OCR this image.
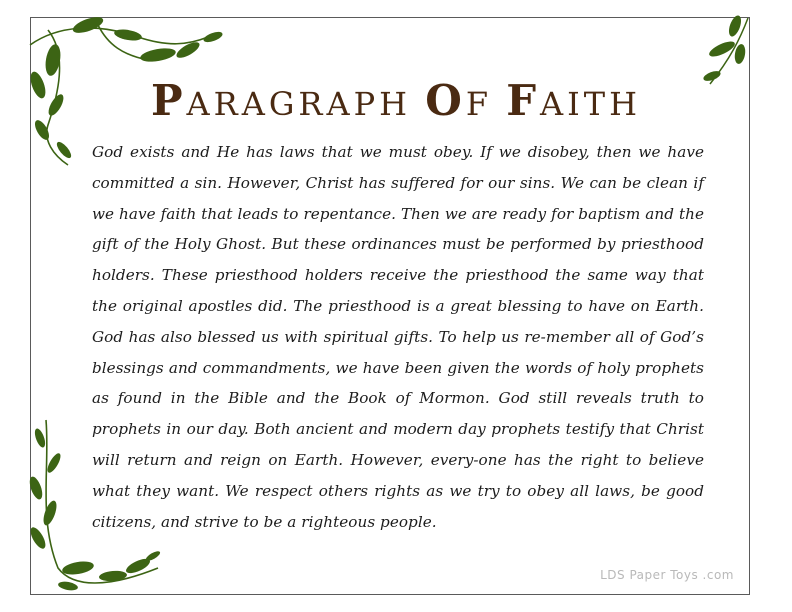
PARAGRAPH OF FAITH
God exists and He has laws that we must obey. If we disobey, then we have committed a sin. However, Christ has suffered for our sins. We can be clean if we have faith that leads to repentance. Then we are ready for baptism and the gift of the Holy Ghost. But these ordinances must be performed by priesthood holders. These priesthood holders receive the priesthood the same way that the original apostles did. The priesthood is a great blessing to have on Earth. God has also blessed us with spiritual gifts. To help us re-member all of God’s blessings and commandments, we have been given the words of holy prophets as found in the Bible and the Book of Mormon. God still reveals truth to prophets in our day. Both ancient and modern day prophets testify that Christ will return and reign on Earth. However, every-one has the right to believe what they want. We respect others rights as we try to obey all laws, be good citizens, and strive to be a righteous people.
LDS Paper Toys .com
